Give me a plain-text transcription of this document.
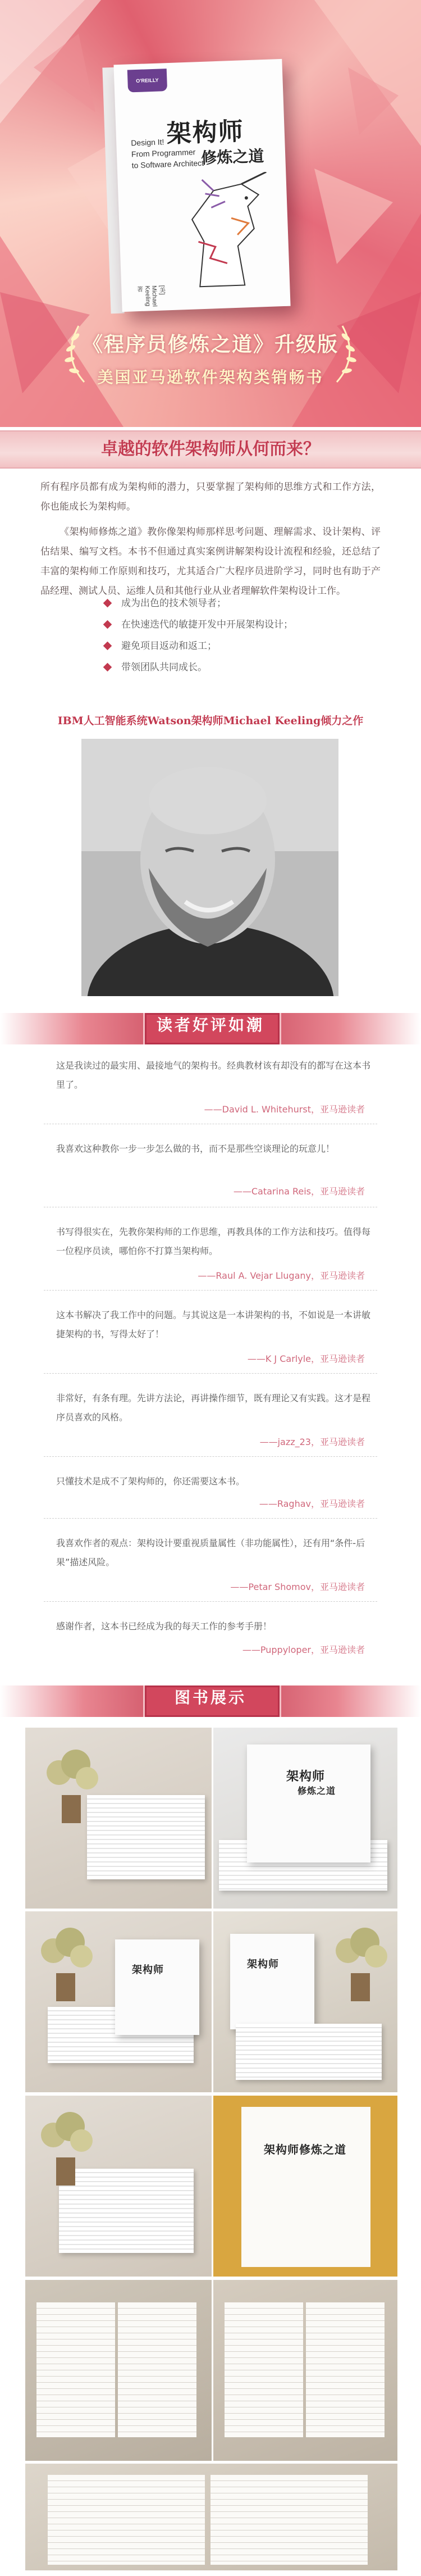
O'REILLY
架构师
修炼之道
Design It!
From Programmer
to Software Architect
[美] Michael Keeling 著
《程序员修炼之道》升级版
美国亚马逊软件架构类销畅书
卓越的软件架构师从何而来？

所有程序员都有成为架构师的潜力，只要掌握了架构师的思维方式和工作方法，你也能成长为架构师。

《架构师修炼之道》教你像架构师那样思考问题、理解需求、设计架构、评估结果、编写文档。本书不但通过真实案例讲解架构设计流程和经验，还总结了丰富的架构师工作原则和技巧，尤其适合广大程序员进阶学习，同时也有助于产品经理、测试人员、运维人员和其他行业从业者理解软件架构设计工作。

成为出色的技术领导者；
在快速迭代的敏捷开发中开展架构设计；
避免项目返动和返工；
带领团队共同成长。
IBM人工智能系统Watson架构师Michael Keeling倾力之作
读者好评如潮

这是我读过的最实用、最接地气的架构书。经典教材该有却没有的都写在这本书里了。

——David L. Whitehurst，亚马逊读者

我喜欢这种教你一步一步怎么做的书，而不是那些空谈理论的玩意儿！

——Catarina Reis，亚马逊读者

书写得很实在，先教你架构师的工作思维，再教具体的工作方法和技巧。值得每一位程序员读，哪怕你不打算当架构师。

——Raul A. Vejar Llugany，亚马逊读者

这本书解决了我工作中的问题。与其说这是一本讲架构的书，不如说是一本讲敏捷架构的书，写得太好了！

——K J Carlyle，亚马逊读者

非常好，有条有理。先讲方法论，再讲操作细节，既有理论又有实践。这才是程序员喜欢的风格。

——jazz_23，亚马逊读者

只懂技术是成不了架构师的，你还需要这本书。

——Raghav，亚马逊读者

我喜欢作者的观点：架构设计要重视质量属性（非功能属性），还有用“条件-后果”描述风险。

——Petar Shomov，亚马逊读者

感谢作者，这本书已经成为我的每天工作的参考手册！

——Puppyloper，亚马逊读者
图书展示
架构师
修炼之道
架构师	架构师
架构师修炼之道
